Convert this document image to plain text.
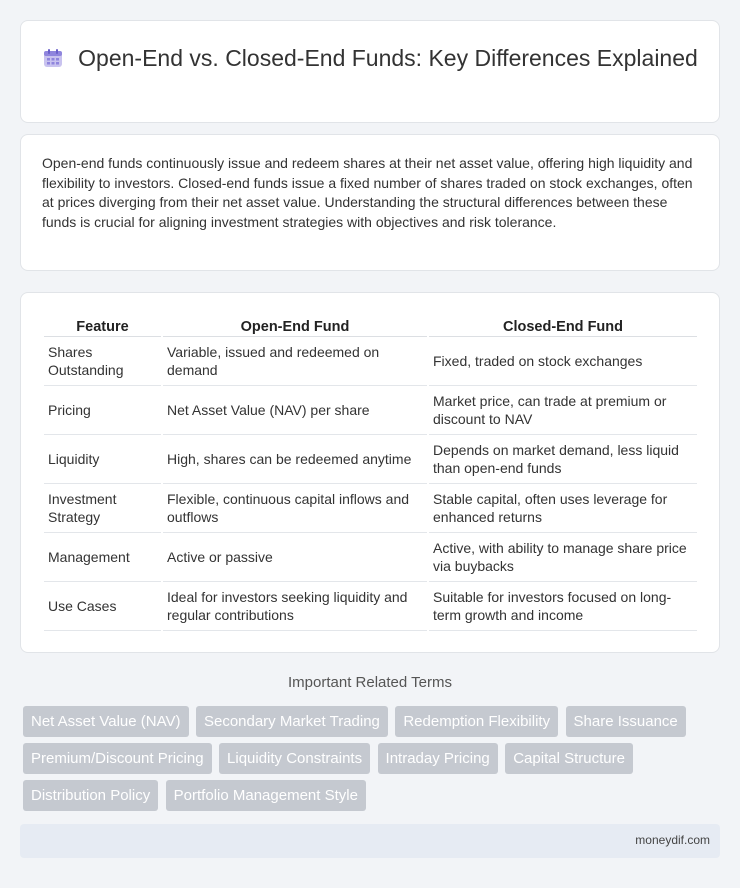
Open-End vs. Closed-End Funds: Key Differences Explained
Open-end funds continuously issue and redeem shares at their net asset value, offering high liquidity and flexibility to investors. Closed-end funds issue a fixed number of shares traded on stock exchanges, often at prices diverging from their net asset value. Understanding the structural differences between these funds is crucial for aligning investment strategies with objectives and risk tolerance.
Feature	Open-End Fund	Closed-End Fund
Shares Outstanding	Variable, issued and redeemed on demand	Fixed, traded on stock exchanges
Pricing	Net Asset Value (NAV) per share	Market price, can trade at premium or discount to NAV
Liquidity	High, shares can be redeemed anytime	Depends on market demand, less liquid than open-end funds
Investment Strategy	Flexible, continuous capital inflows and outflows	Stable capital, often uses leverage for enhanced returns
Management	Active or passive	Active, with ability to manage share price via buybacks
Use Cases	Ideal for investors seeking liquidity and regular contributions	Suitable for investors focused on long-term growth and income
Important Related Terms
Net Asset Value (NAV) Secondary Market Trading Redemption Flexibility Share Issuance Premium/Discount Pricing Liquidity Constraints Intraday Pricing Capital Structure Distribution Policy Portfolio Management Style
moneydif.com
